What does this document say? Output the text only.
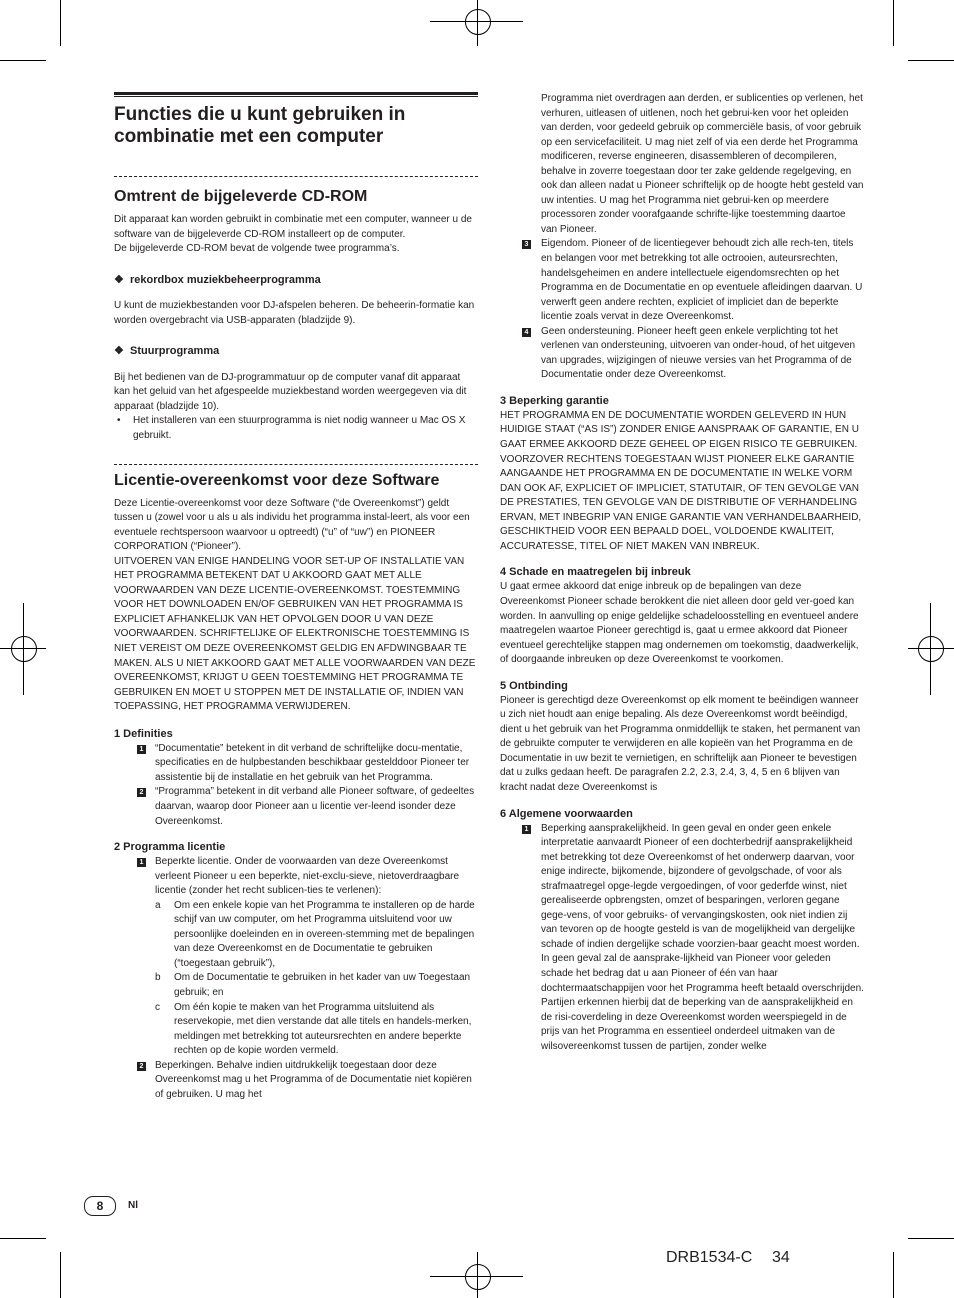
Functies die u kunt gebruiken in combinatie met een computer
Omtrent de bijgeleverde CD-ROM

Dit apparaat kan worden gebruikt in combinatie met een computer, wanneer u de software van de bijgeleverde CD-ROM installeert op de computer.

De bijgeleverde CD-ROM bevat de volgende twee programma’s.

❖ rekordbox muziekbeheerprogramma

U kunt de muziekbestanden voor DJ-afspelen beheren. De beheerin-formatie kan worden overgebracht via USB-apparaten (bladzijde 9).

❖ Stuurprogramma

Bij het bedienen van de DJ-programmatuur op de computer vanaf dit apparaat kan het geluid van het afgespeelde muziekbestand worden weergegeven via dit apparaat (bladzijde 10).

• Het installeren van een stuurprogramma is niet nodig wanneer u Mac OS X gebruikt.

Licentie-overeenkomst voor deze Software

Deze Licentie-overeenkomst voor deze Software (“de Overeenkomst”) geldt tussen u (zowel voor u als u als individu het programma instal-leert, als voor een eventuele rechtspersoon waarvoor u optreedt) (“u” of “uw”) en PIONEER CORPORATION (“Pioneer”).

UITVOEREN VAN ENIGE HANDELING VOOR SET-UP OF INSTALLATIE VAN HET PROGRAMMA BETEKENT DAT U AKKOORD GAAT MET ALLE VOORWAARDEN VAN DEZE LICENTIE-OVEREENKOMST. TOESTEMMING VOOR HET DOWNLOADEN EN/OF GEBRUIKEN VAN HET PROGRAMMA IS EXPLICIET AFHANKELIJK VAN HET OPVOLGEN DOOR U VAN DEZE VOORWAARDEN. SCHRIFTELIJKE OF ELEKTRONISCHE TOESTEMMING IS NIET VEREIST OM DEZE OVEREENKOMST GELDIG EN AFDWINGBAAR TE MAKEN. ALS U NIET AKKOORD GAAT MET ALLE VOORWAARDEN VAN DEZE OVEREENKOMST, KRIJGT U GEEN TOESTEMMING HET PROGRAMMA TE GEBRUIKEN EN MOET U STOPPEN MET DE INSTALLATIE OF, INDIEN VAN TOEPASSING, HET PROGRAMMA VERWIJDEREN.

1 Definities

1 “Documentatie” betekent in dit verband de schriftelijke docu-mentatie, specificaties en de hulpbestanden beschikbaar gestelddoor Pioneer ter assistentie bij de installatie en het gebruik van het Programma.

2 “Programma” betekent in dit verband alle Pioneer software, of gedeeltes daarvan, waarop door Pioneer aan u licentie ver-leend isonder deze Overeenkomst.

2 Programma licentie

1 Beperkte licentie. Onder de voorwaarden van deze Overeenkomst verleent Pioneer u een beperkte, niet-exclu-sieve, nietoverdraagbare licentie (zonder het recht sublicen-ties te verlenen):

a Om een enkele kopie van het Programma te installeren op de harde schijf van uw computer, om het Programma uitsluitend voor uw persoonlijke doeleinden en in overeen-stemming met de bepalingen van deze Overeenkomst en de Documentatie te gebruiken (“toegestaan gebruik”),

b Om de Documentatie te gebruiken in het kader van uw Toegestaan gebruik; en

c Om één kopie te maken van het Programma uitsluitend als reservekopie, met dien verstande dat alle titels en handels-merken, meldingen met betrekking tot auteursrechten en andere beperkte rechten op de kopie worden vermeld.

2 Beperkingen. Behalve indien uitdrukkelijk toegestaan door deze Overeenkomst mag u het Programma of de Documentatie niet kopiëren of gebruiken. U mag het

Programma niet overdragen aan derden, er sublicenties op verlenen, het verhuren, uitleasen of uitlenen, noch het gebrui-ken voor het opleiden van derden, voor gedeeld gebruik op commerciële basis, of voor gebruik op een servicefaciliteit. U mag niet zelf of via een derde het Programma modificeren, reverse engineeren, disassembleren of decompileren, behalve in zoverre toegestaan door ter zake geldende regelgeving, en ook dan alleen nadat u Pioneer schriftelijk op de hoogte hebt gesteld van uw intenties. U mag het Programma niet gebrui-ken op meerdere processoren zonder voorafgaande schrifte-lijke toestemming daartoe van Pioneer.

3 Eigendom. Pioneer of de licentiegever behoudt zich alle rech-ten, titels en belangen voor met betrekking tot alle octrooien, auteursrechten, handelsgeheimen en andere intellectuele eigendomsrechten op het Programma en de Documentatie en op eventuele afleidingen daarvan. U verwerft geen andere rechten, expliciet of impliciet dan de beperkte licentie zoals vervat in deze Overeenkomst.

4 Geen ondersteuning. Pioneer heeft geen enkele verplichting tot het verlenen van ondersteuning, uitvoeren van onder-houd, of het uitgeven van upgrades, wijzigingen of nieuwe versies van het Programma of de Documentatie onder deze Overeenkomst.

3 Beperking garantie

HET PROGRAMMA EN DE DOCUMENTATIE WORDEN GELEVERD IN HUN HUIDIGE STAAT (“AS IS”) ZONDER ENIGE AANSPRAAK OF GARANTIE, EN U GAAT ERMEE AKKOORD DEZE GEHEEL OP EIGEN RISICO TE GEBRUIKEN. VOORZOVER RECHTENS TOEGESTAAN WIJST PIONEER ELKE GARANTIE AANGAANDE HET PROGRAMMA EN DE DOCUMENTATIE IN WELKE VORM DAN OOK AF, EXPLICIET OF IMPLICIET, STATUTAIR, OF TEN GEVOLGE VAN DE PRESTATIES, TEN GEVOLGE VAN DE DISTRIBUTIE OF VERHANDELING ERVAN, MET INBEGRIP VAN ENIGE GARANTIE VAN VERHANDELBAARHEID, GESCHIKTHEID VOOR EEN BEPAALD DOEL, VOLDOENDE KWALITEIT, ACCURATESSE, TITEL OF NIET MAKEN VAN INBREUK.

4 Schade en maatregelen bij inbreuk

U gaat ermee akkoord dat enige inbreuk op de bepalingen van deze Overeenkomst Pioneer schade berokkent die niet alleen door geld ver-goed kan worden. In aanvulling op enige geldelijke schadeloosstelling en eventueel andere maatregelen waartoe Pioneer gerechtigd is, gaat u ermee akkoord dat Pioneer eventueel gerechtelijke stappen mag ondernemen om toekomstig, daadwerkelijk, of doorgaande inbreuken op deze Overeenkomst te voorkomen.

5 Ontbinding

Pioneer is gerechtigd deze Overeenkomst op elk moment te beëindigen wanneer u zich niet houdt aan enige bepaling. Als deze Overeenkomst wordt beëindigd, dient u het gebruik van het Programma onmiddellijk te staken, het permanent van de gebruikte computer te verwijderen en alle kopieën van het Programma en de Documentatie in uw bezit te vernietigen, en schriftelijk aan Pioneer te bevestigen dat u zulks gedaan heeft. De paragrafen 2.2, 2.3, 2.4, 3, 4, 5 en 6 blijven van kracht nadat deze Overeenkomst is

6 Algemene voorwaarden

1 Beperking aansprakelijkheid. In geen geval en onder geen enkele interpretatie aanvaardt Pioneer of een dochterbedrijf aansprakelijkheid met betrekking tot deze Overeenkomst of het onderwerp daarvan, voor enige indirecte, bijkomende, bijzondere of gevolgschade, of voor als strafmaatregel opge-legde vergoedingen, of voor gederfde winst, niet gerealiseerde opbrengsten, omzet of besparingen, verloren gegane gege-vens, of voor gebruiks- of vervangingskosten, ook niet indien zij van tevoren op de hoogte gesteld is van de mogelijkheid van dergelijke schade of indien dergelijke schade voorzien-baar geacht moest worden. In geen geval zal de aansprake-lijkheid van Pioneer voor geleden schade het bedrag dat u aan Pioneer of één van haar dochtermaatschappijen voor het Programma heeft betaald overschrijden. Partijen erkennen hierbij dat de beperking van de aansprakelijkheid en de risi-coverdeling in deze Overeenkomst worden weerspiegeld in de prijs van het Programma en essentieel onderdeel uitmaken van de wilsovereenkomst tussen de partijen, zonder welke

8	Nl
DRB1534-C 34
